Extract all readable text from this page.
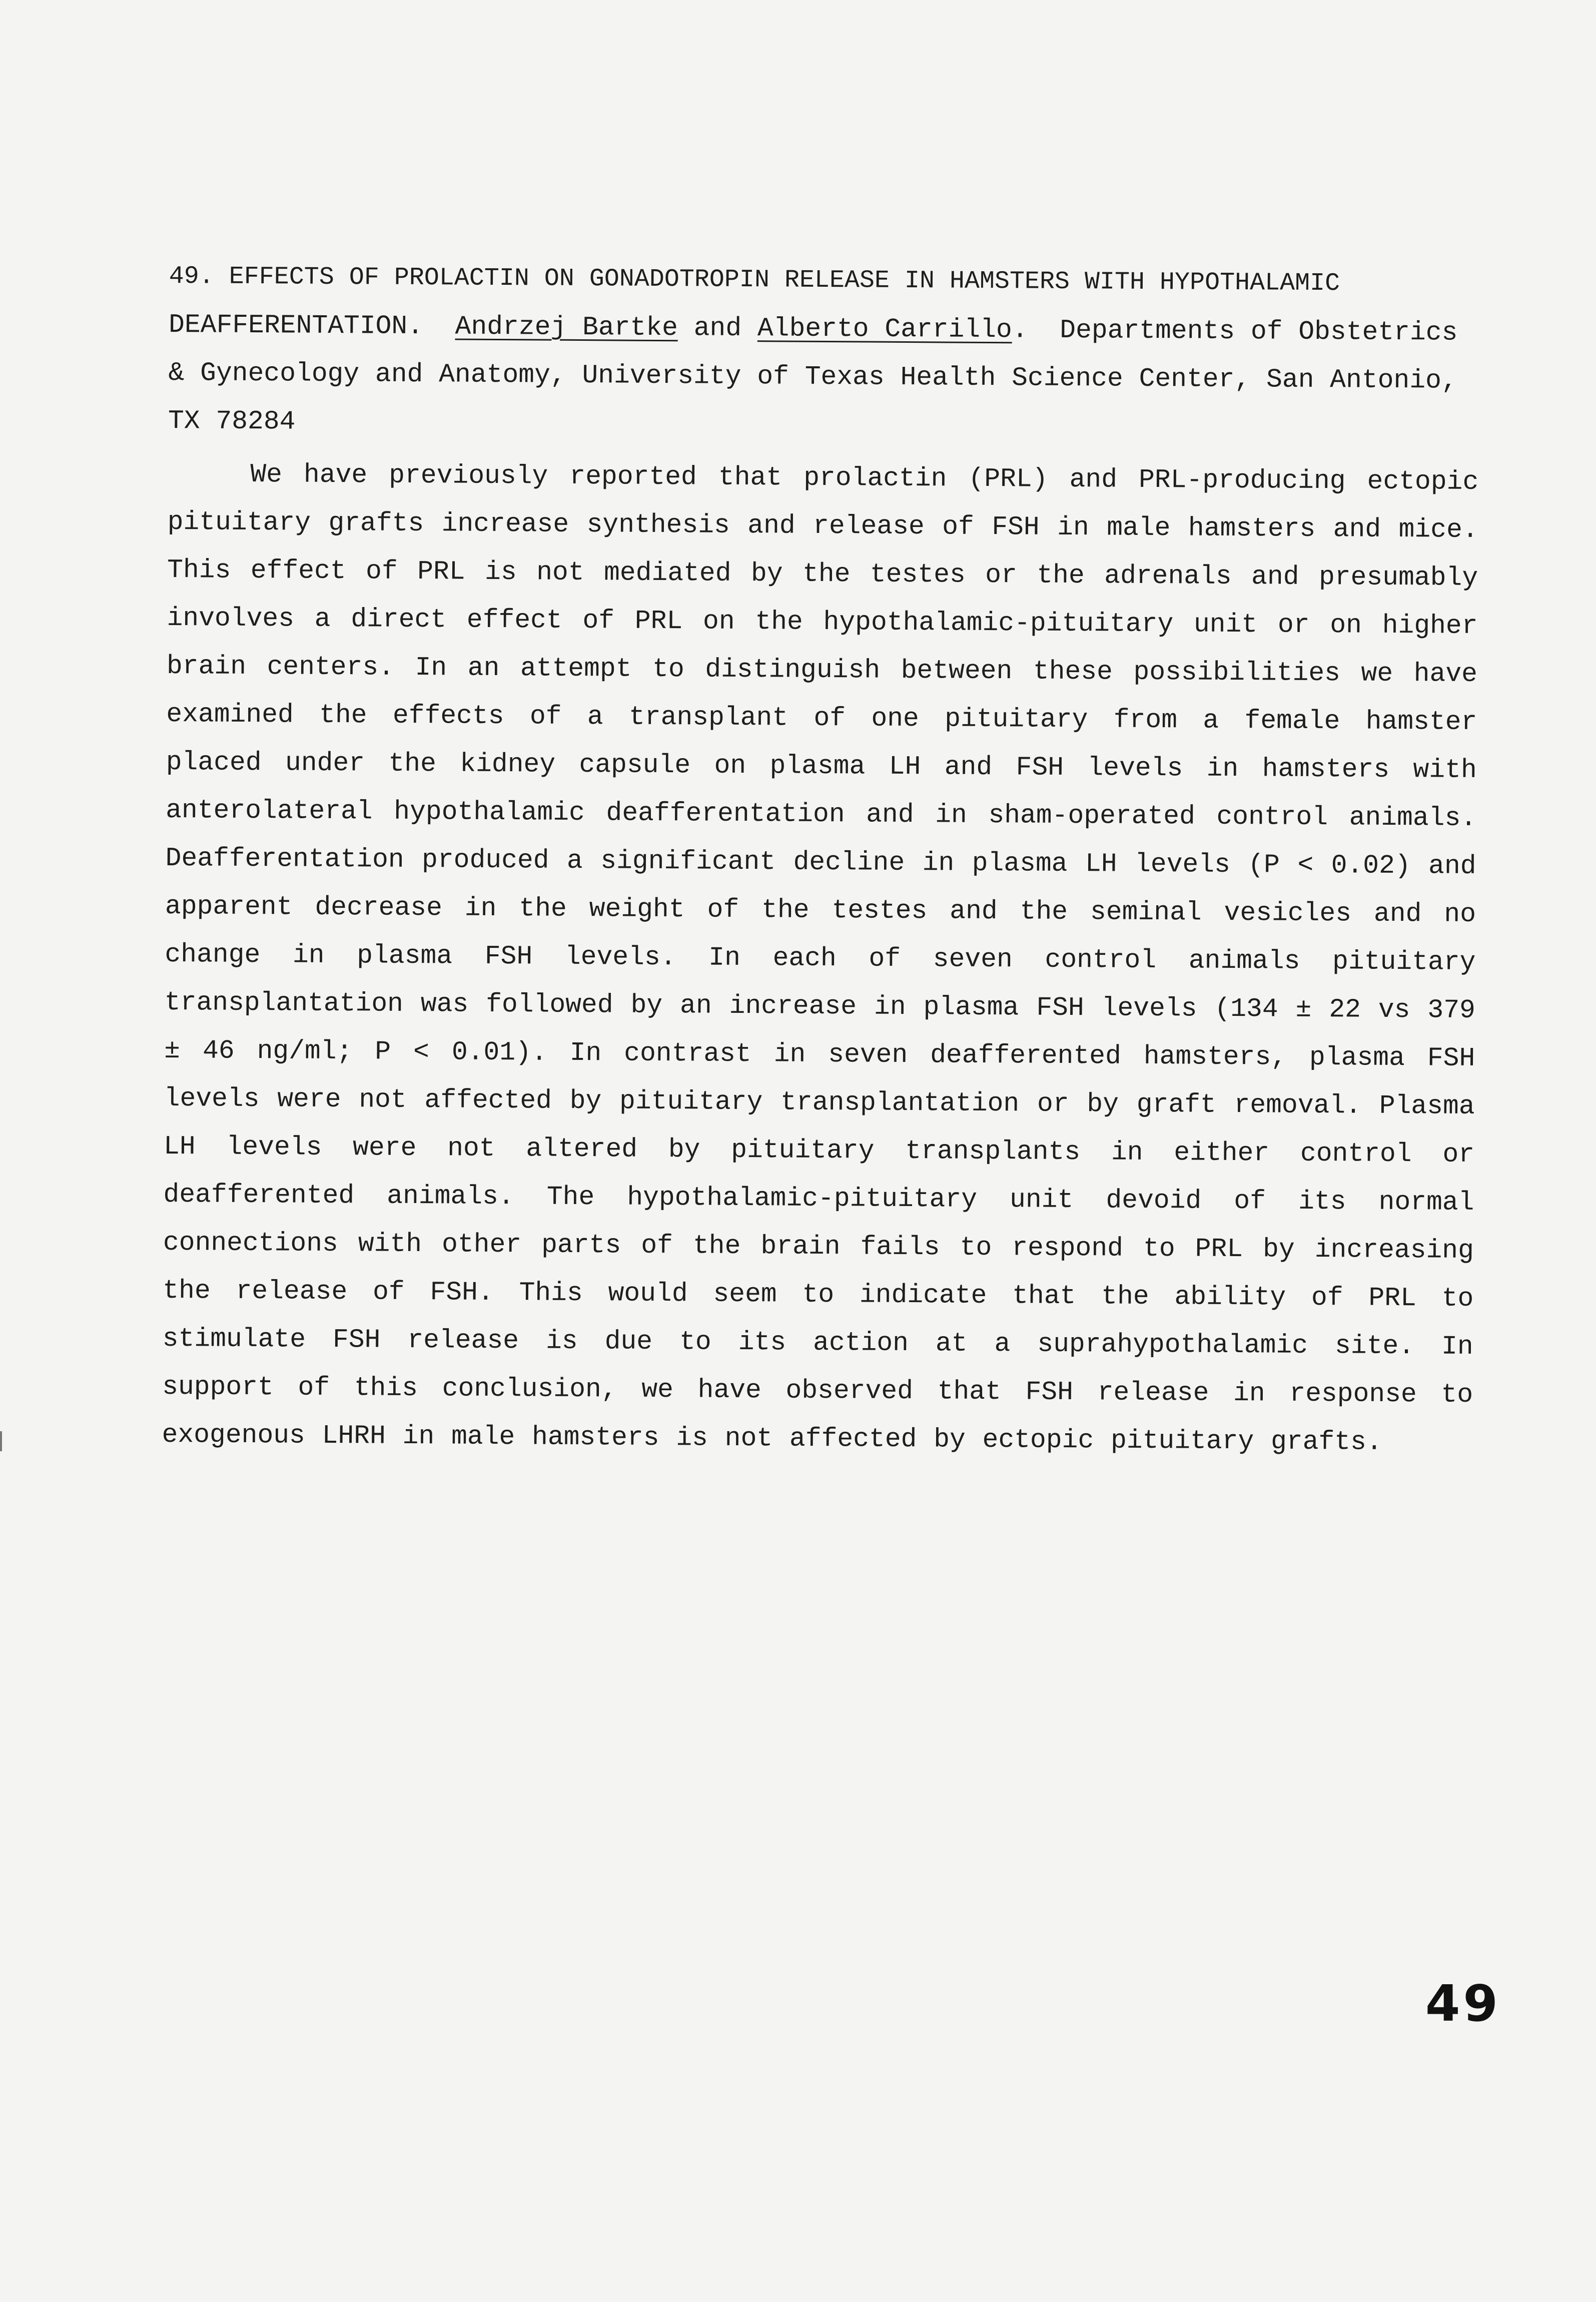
49. EFFECTS OF PROLACTIN ON GONADOTROPIN RELEASE IN HAMSTERS WITH HYPOTHALAMIC
DEAFFERENTATION. Andrzej Bartke and Alberto Carrillo.  Departments of Obstetrics
& Gynecology and Anatomy, University of Texas Health Science Center, San Antonio, TX 78284
We have previously reported that prolactin (PRL) and PRL-producing ectopic pituitary grafts increase synthesis and release of FSH in male hamsters and mice. This effect of PRL is not mediated by the testes or the adrenals and presumably involves a direct effect of PRL on the hypothalamic-pituitary unit or on higher brain centers. In an attempt to distinguish between these possibilities we have examined the effects of a transplant of one pituitary from a female hamster placed under the kidney capsule on plasma LH and FSH levels in hamsters with anterolateral hypothalamic deafferentation and in sham-operated control animals. Deafferentation produced a significant decline in plasma LH levels (P < 0.02) and apparent decrease in the weight of the testes and the seminal vesicles and no change in plasma FSH levels. In each of seven control animals pituitary transplantation was followed by an increase in plasma FSH levels (134 ± 22 vs 379 ± 46 ng/ml; P < 0.01). In contrast in seven deafferented hamsters, plasma FSH levels were not affected by pituitary transplantation or by graft removal. Plasma LH levels were not altered by pituitary transplants in either control or deafferented animals. The hypothalamic-pituitary unit devoid of its normal connections with other parts of the brain fails to respond to PRL by increasing the release of FSH. This would seem to indicate that the ability of PRL to stimulate FSH release is due to its action at a suprahypothalamic site. In support of this conclusion, we have observed that FSH release in response to exogenous LHRH in male hamsters is not affected by ectopic pituitary grafts.
49
